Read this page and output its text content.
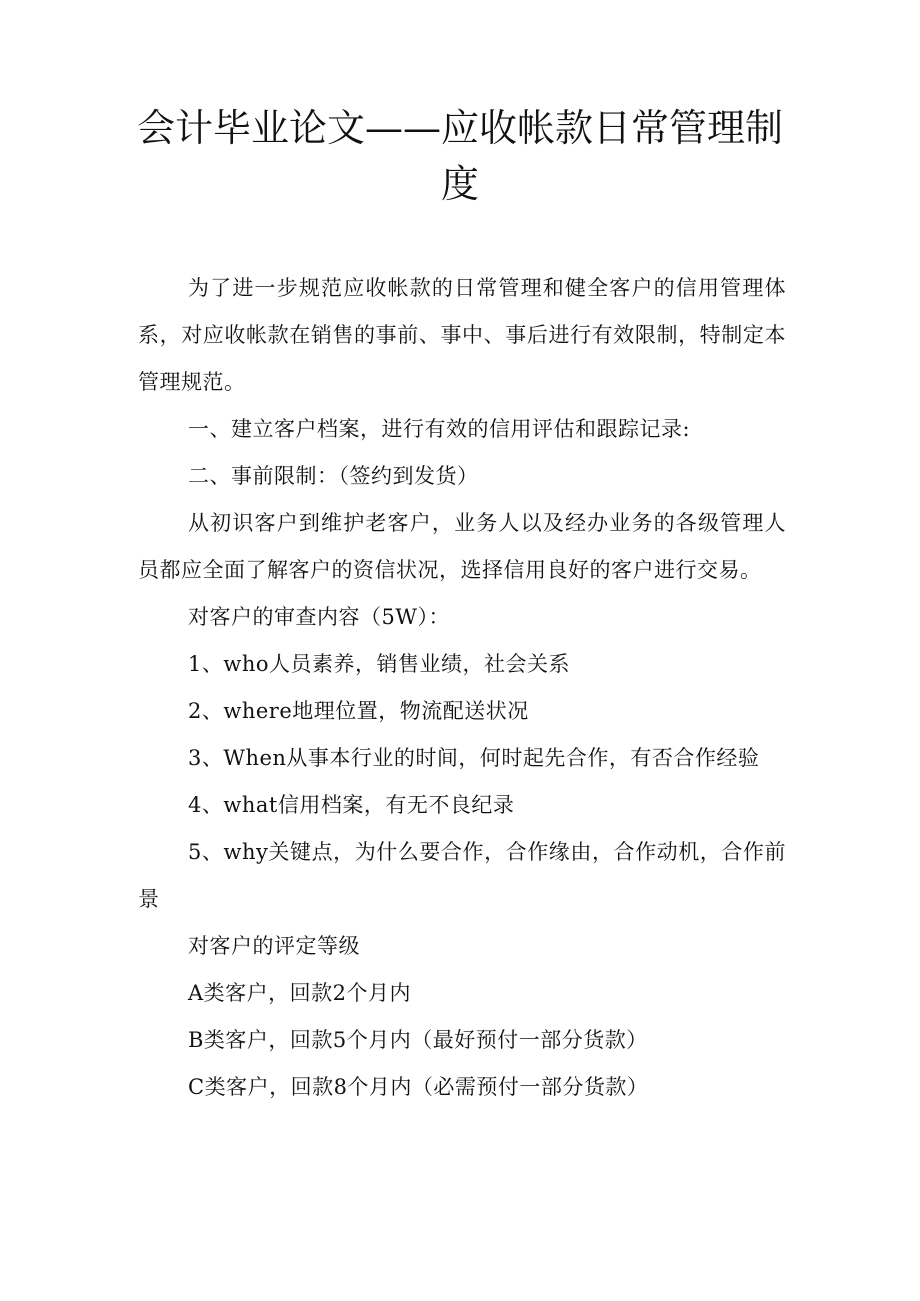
会计毕业论文——应收帐款日常管理制度

为了进一步规范应收帐款的日常管理和健全客户的信用管理体系，对应收帐款在销售的事前、事中、事后进行有效限制，特制定本管理规范。

一、建立客户档案，进行有效的信用评估和跟踪记录:

二、事前限制：（签约到发货）

从初识客户到维护老客户，业务人以及经办业务的各级管理人员都应全面了解客户的资信状况，选择信用良好的客户进行交易。

对客户的审查内容（5W）：

1、who人员素养，销售业绩，社会关系

2、where地理位置，物流配送状况

3、When从事本行业的时间，何时起先合作，有否合作经验

4、what信用档案，有无不良纪录

5、why关键点，为什么要合作，合作缘由，合作动机，合作前景

对客户的评定等级

A类客户，回款2个月内

B类客户，回款5个月内（最好预付一部分货款）

C类客户，回款8个月内（必需预付一部分货款）
